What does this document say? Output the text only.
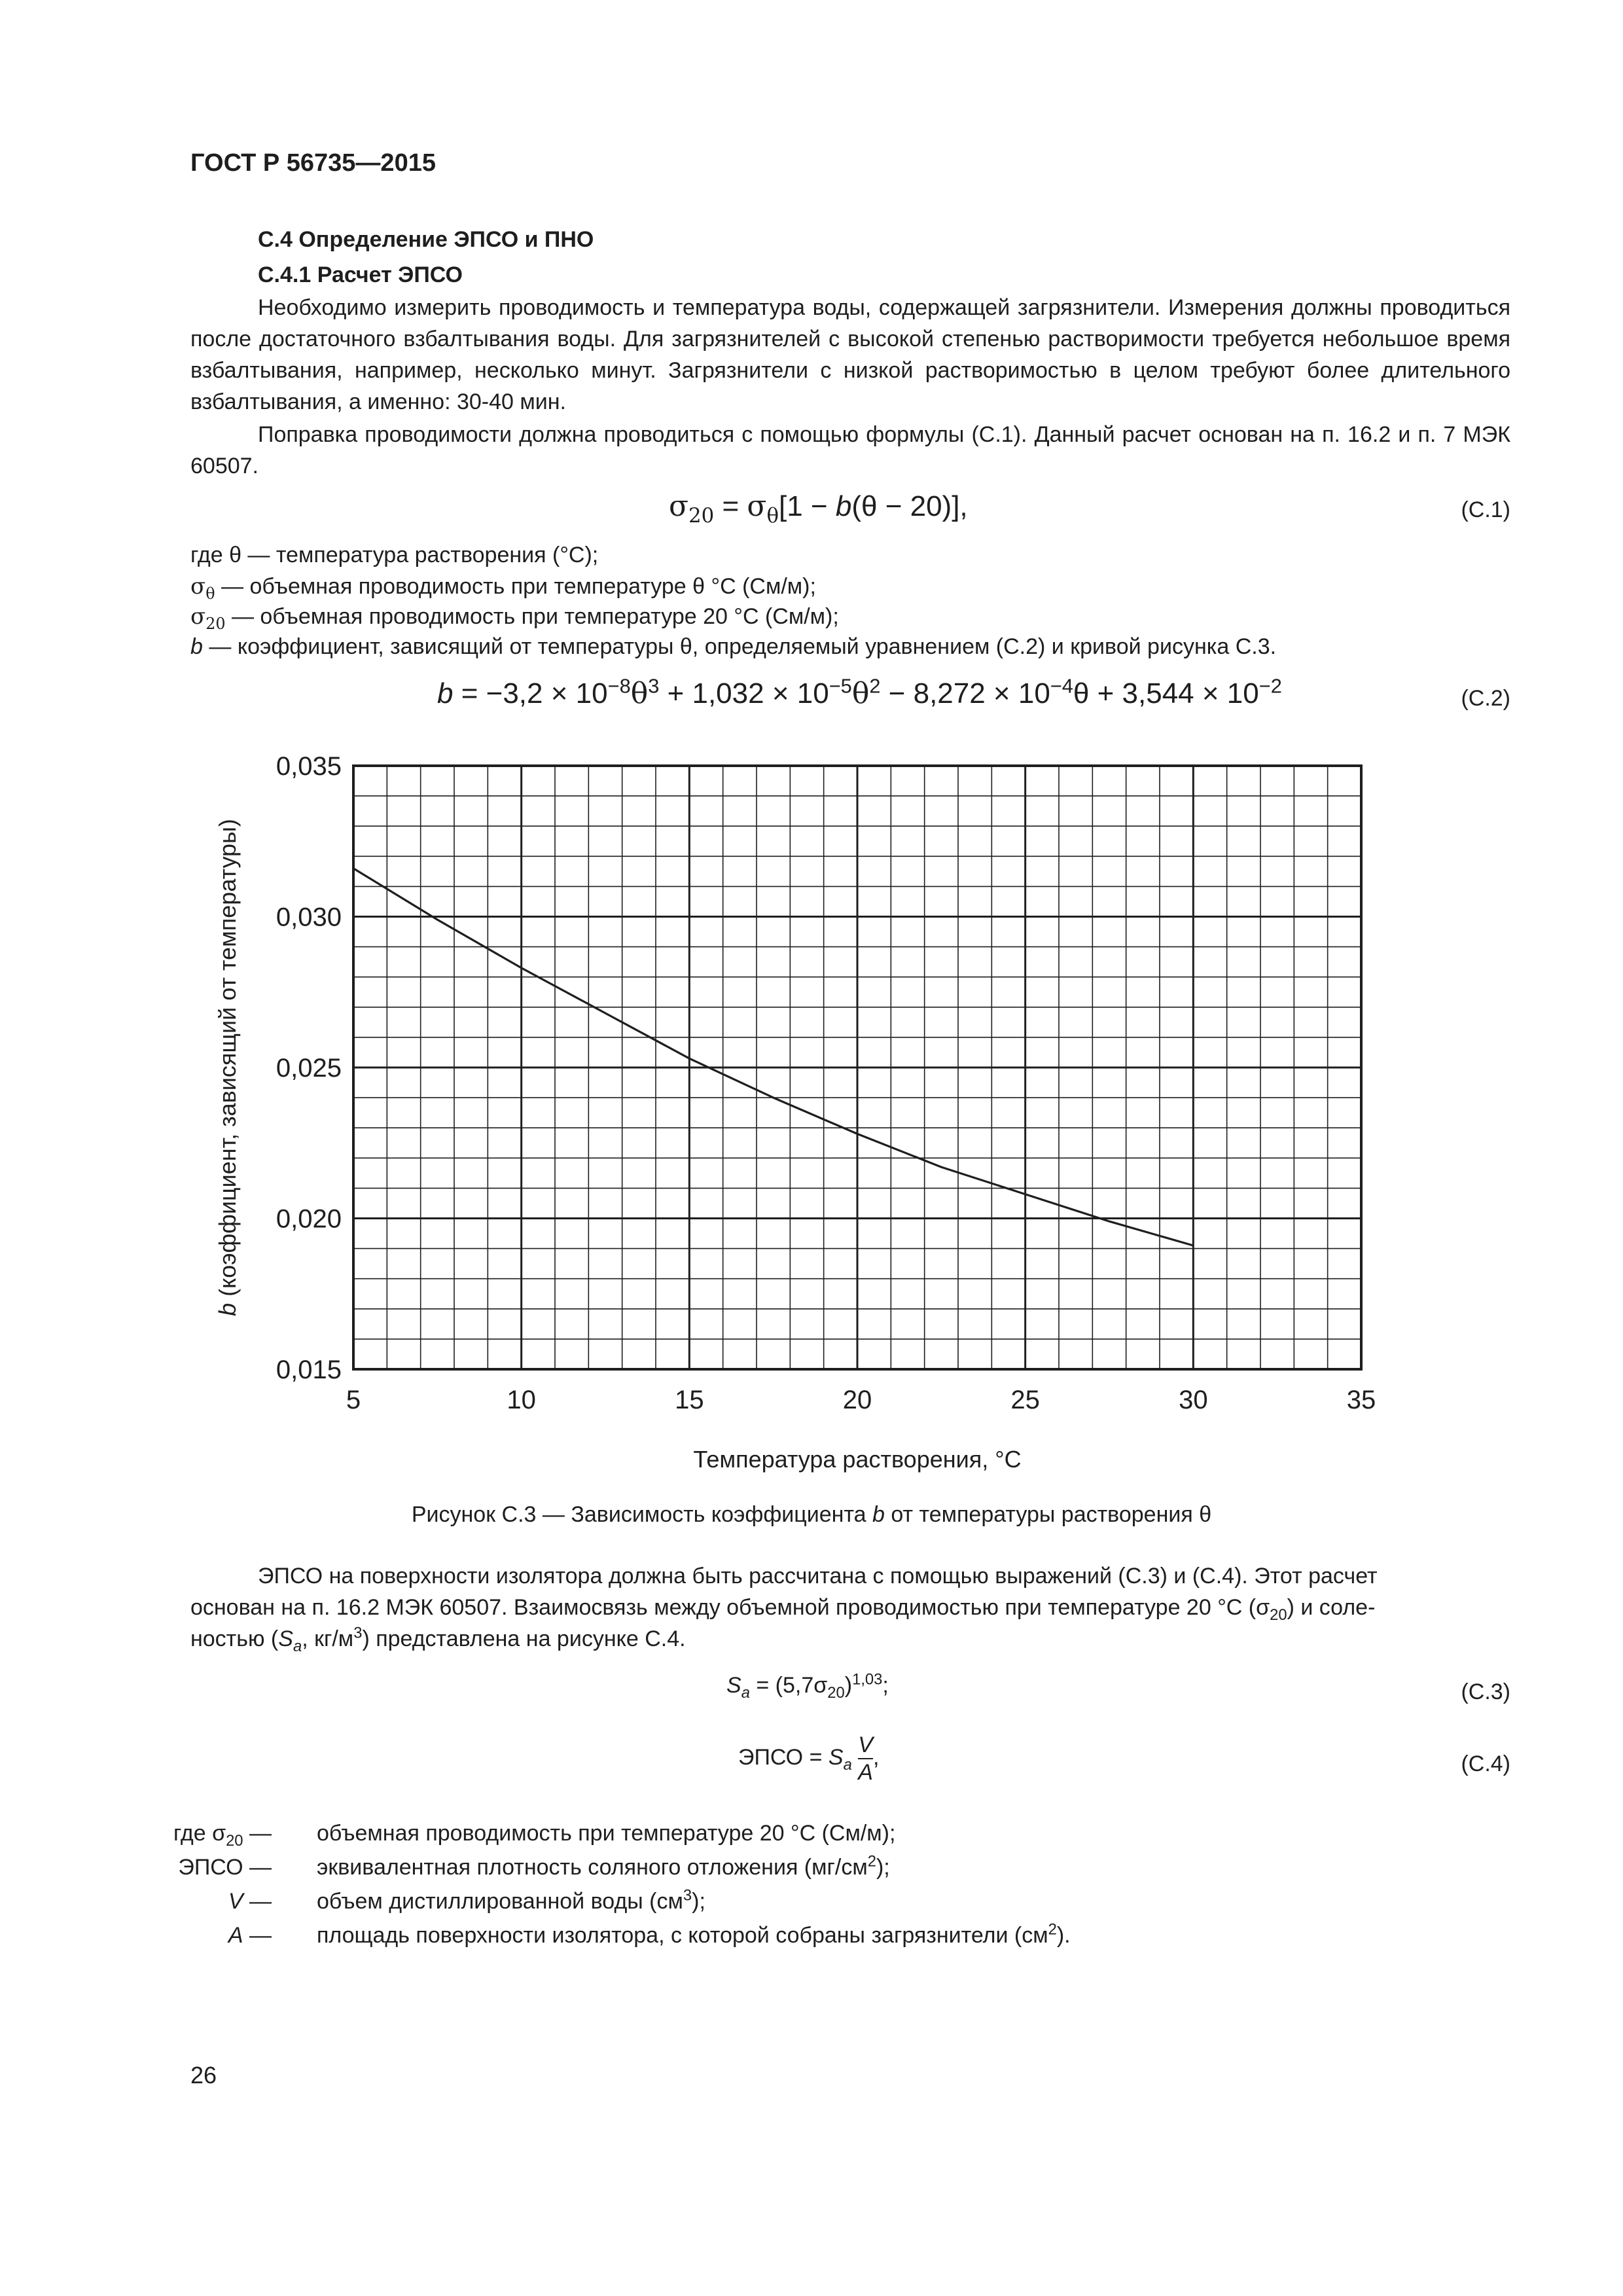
ГОСТ Р 56735—2015
С.4 Определение ЭПСО и ПНО
С.4.1 Расчет ЭПСО
Необходимо измерить проводимость и температура воды, содержащей загрязнители. Измерения должны проводиться после достаточного взбалтывания воды. Для загрязнителей с высокой степенью растворимости требуется небольшое время взбалтывания, например, несколько минут. Загрязнители с низкой растворимостью в целом требуют более длительного взбалтывания, а именно: 30-40 мин.
Поправка проводимости должна проводиться с помощью формулы (С.1). Данный расчет основан на п. 16.2 и п. 7 МЭК 60507.
$\sigma_{20} = \sigma_\theta[1 - b(\theta - 20)]$,	(С.1)
где θ — температура растворения (°С);
$\sigma_\theta$ — объемная проводимость при температуре θ °С (См/м);
$\sigma_{20}$ — объемная проводимость при температуре 20 °С (См/м);
b — коэффициент, зависящий от температуры θ, определяемый уравнением (С.2) и кривой рисунка С.3.
$b = -3,2 \times 10^{-8}\theta^3 + 1,032 \times 10^{-5}\theta^2 - 8,272 \times 10^{-4}\theta + 3,544 \times 10^{-2}$
(С.2)
5	10	15	20	25	30	35
0,015
0,020
0,025
0,030
0,035
Температура растворения, °С
b (коэффициент, зависящий от температуры)
Рисунок С.3 — Зависимость коэффициента b от температуры растворения θ
ЭПСО на поверхности изолятора должна быть рассчитана с помощью выражений (С.3) и (С.4). Этот расчет
основан на п. 16.2 МЭК 60507. Взаимосвязь между объемной проводимостью при температуре 20 °С $(\sigma_{20})$ и соле-
ностью ($S_a$, $кг/м^3$) представлена на рисунке С.4.
$S_a = (5,7\sigma_{20})^{1,03}$;	(С.3)
ЭПСО = $S_a \frac{V}{A}$ ,	(С.4)
где $\sigma_{20}$ — объемная проводимость при температуре 20 °С (См/м);
ЭПСО — эквивалентная плотность соляного отложения $(мг/см^2)$;
V — объем дистиллированной воды $(см^3)$;
A — площадь поверхности изолятора, с которой собраны загрязнители $(см^2)$.
26
